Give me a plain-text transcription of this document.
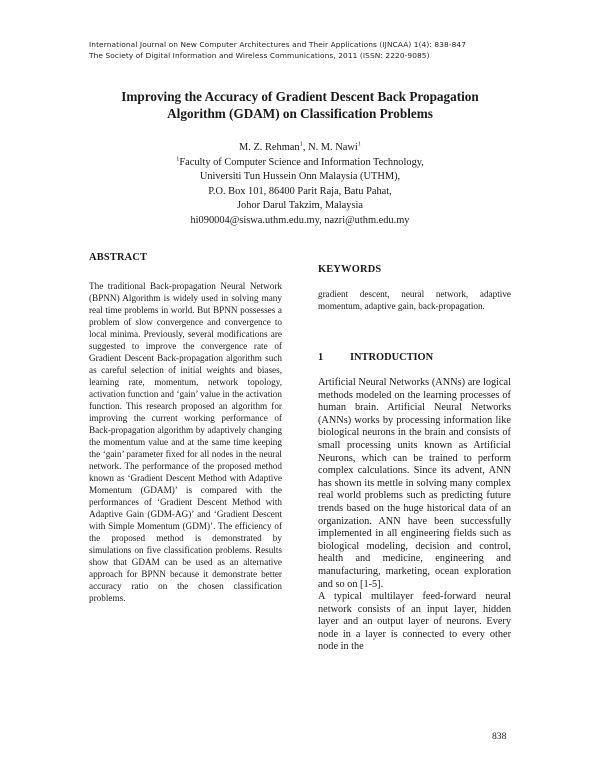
International Journal on New Computer Architectures and Their Applications (IJNCAA) 1(4): 838-847
The Society of Digital Information and Wireless Communications, 2011 (ISSN: 2220-9085)
Improving the Accuracy of Gradient Descent Back Propagation
Algorithm (GDAM) on Classification Problems
M. Z. Rehman$^1$, N. M. Nawi$^1$
$^1$Faculty of Computer Science and Information Technology,
Universiti Tun Hussein Onn Malaysia (UTHM),
P.O. Box 101, 86400 Parit Raja, Batu Pahat,
Johor Darul Takzim, Malaysia
hi090004@siswa.uthm.edu.my, nazri@uthm.edu.my
ABSTRACT

The traditional Back-propagation Neural Network (BPNN) Algorithm is widely used in solving many real time problems in world. But BPNN possesses a problem of slow convergence and convergence to local minima. Previously, several modifications are suggested to improve the convergence rate of Gradient Descent Back-propagation algorithm such as careful selection of initial weights and biases, learning rate, momentum, network topology, activation function and ‘gain’ value in the activation function. This research proposed an algorithm for improving the current working performance of Back-propagation algorithm by adaptively changing the momentum value and at the same time keeping the ‘gain’ parameter fixed for all nodes in the neural network. The performance of the proposed method known as ‘Gradient Descent Method with Adaptive Momentum (GDAM)’ is compared with the performances of ‘Gradient Descent Method with Adaptive Gain (GDM-AG)’ and ‘Gradient Descent with Simple Momentum (GDM)’. The efficiency of the proposed method is demonstrated by simulations on five classification problems. Results show that GDAM can be used as an alternative approach for BPNN because it demonstrate better accuracy ratio on the chosen classification problems.

KEYWORDS

gradient descent, neural network, adaptive momentum, adaptive gain, back-propagation.

1	INTRODUCTION

Artificial Neural Networks (ANNs) are logical methods modeled on the learning processes of human brain. Artificial Neural Networks (ANNs) works by processing information like biological neurons in the brain and consists of small processing units known as Artificial Neurons, which can be trained to perform complex calculations. Since its advent, ANN has shown its mettle in solving many complex real world problems such as predicting future trends based on the huge historical data of an organization. ANN have been successfully implemented in all engineering fields such as biological modeling, decision and control, health and medicine, engineering and manufacturing, marketing, ocean exploration and so on [1-5].

A typical multilayer feed-forward neural network consists of an input layer, hidden layer and an output layer of neurons. Every node in a layer is connected to every other node in the

838
